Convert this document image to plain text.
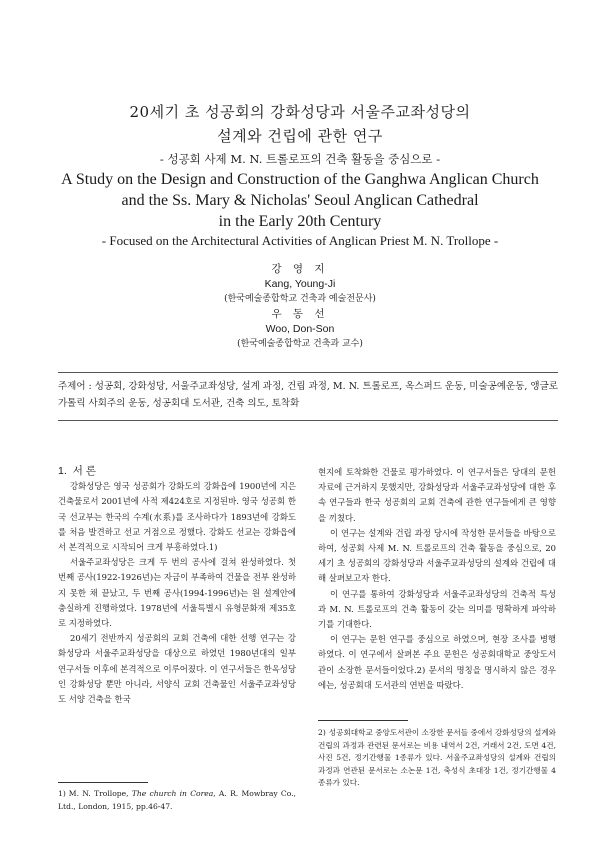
20세기 초 성공회의 강화성당과 서울주교좌성당의
설계와 건립에 관한 연구
- 성공회 사제 M. N. 트롤로프의 건축 활동을 중심으로 -
A Study on the Design and Construction of the Ganghwa Anglican Church
and the Ss. Mary & Nicholas' Seoul Anglican Cathedral
in the Early 20th Century
- Focused on the Architectural Activities of Anglican Priest M. N. Trollope -
강 영 지
Kang, Young-Ji
(한국예술종합학교 건축과 예술전문사)
우 동 선
Woo, Don-Son
(한국예술종합학교 건축과 교수)
주제어 : 성공회, 강화성당, 서울주교좌성당, 설계 과정, 건립 과정, M. N. 트롤로프, 옥스퍼드 운동, 미술공예운동, 앵글로 가톨릭 사회주의 운동, 성공회대 도서관, 건축 의도, 토착화

1. 서 론

강화성당은 영국 성공회가 강화도의 강화읍에 1900년에 지은 건축물로서 2001년에 사적 제424호로 지정된바. 영국 성공회 한국 선교부는 한국의 수계(水系)를 조사하다가 1893년에 강화도를 처음 발견하고 선교 거점으로 정했다. 강화도 선교는 강화읍에서 본격적으로 시작되어 크게 부흥하였다.1)

서울주교좌성당은 크게 두 번의 공사에 걸쳐 완성하였다. 첫 번째 공사(1922-1926년)는 자금이 부족하여 건물을 전부 완성하지 못한 채 끝났고, 두 번째 공사(1994-1996년)는 원 설계안에 충실하게 진행하였다. 1978년에 서울특별시 유형문화재 제35호로 지정하였다.

20세기 전반까지 성공회의 교회 건축에 대한 선행 연구는 강화성당과 서울주교좌성당을 대상으로 하였던 1980년대의 일부 연구서들 이후에 본격적으로 이루어졌다. 이 연구서들은 한옥성당인 강화성당 뿐만 아니라, 서양식 교회 건축물인 서울주교좌성당도 서양 건축을 한국

현지에 토착화한 건물로 평가하였다. 이 연구서들은 당대의 문헌자료에 근거하지 못했지만, 강화성당과 서울주교좌성당에 대한 후속 연구들과 한국 성공회의 교회 건축에 관한 연구들에게 큰 영향을 끼쳤다.

이 연구는 설계와 건립 과정 당시에 작성한 문서들을 바탕으로 하여, 성공회 사제 M. N. 트롤로프의 건축 활동을 중심으로, 20세기 초 성공회의 강화성당과 서울주교좌성당의 설계와 건립에 대해 살펴보고자 한다.

이 연구를 통하여 강화성당과 서울주교좌성당의 건축적 특성과 M. N. 트롤로프의 건축 활동이 갖는 의미를 명확하게 파악하기를 기대한다.

이 연구는 문헌 연구를 중심으로 하였으며, 현장 조사를 병행하였다. 이 연구에서 살펴본 주요 문헌은 성공회대학교 중앙도서관이 소장한 문서들이었다.2) 문서의 명칭을 명시하지 않은 경우에는, 성공회대 도서관의 연번을 따랐다.

1) M. N. Trollope, The church in Corea, A. R. Mowbray Co., Ltd., London, 1915, pp.46-47.
2) 성공회대학교 중앙도서관이 소장한 문서들 중에서 강화성당의 설계와 건립의 과정과 관련된 문서로는 비용 내역서 2건, 거래서 2건, 도면 4건, 사진 5건, 정기간행물 1종류가 있다. 서울주교좌성당의 설계와 건립의 과정과 연관된 문서로는 소논문 1건, 축성식 초대장 1건, 정기간행물 4종류가 있다.
